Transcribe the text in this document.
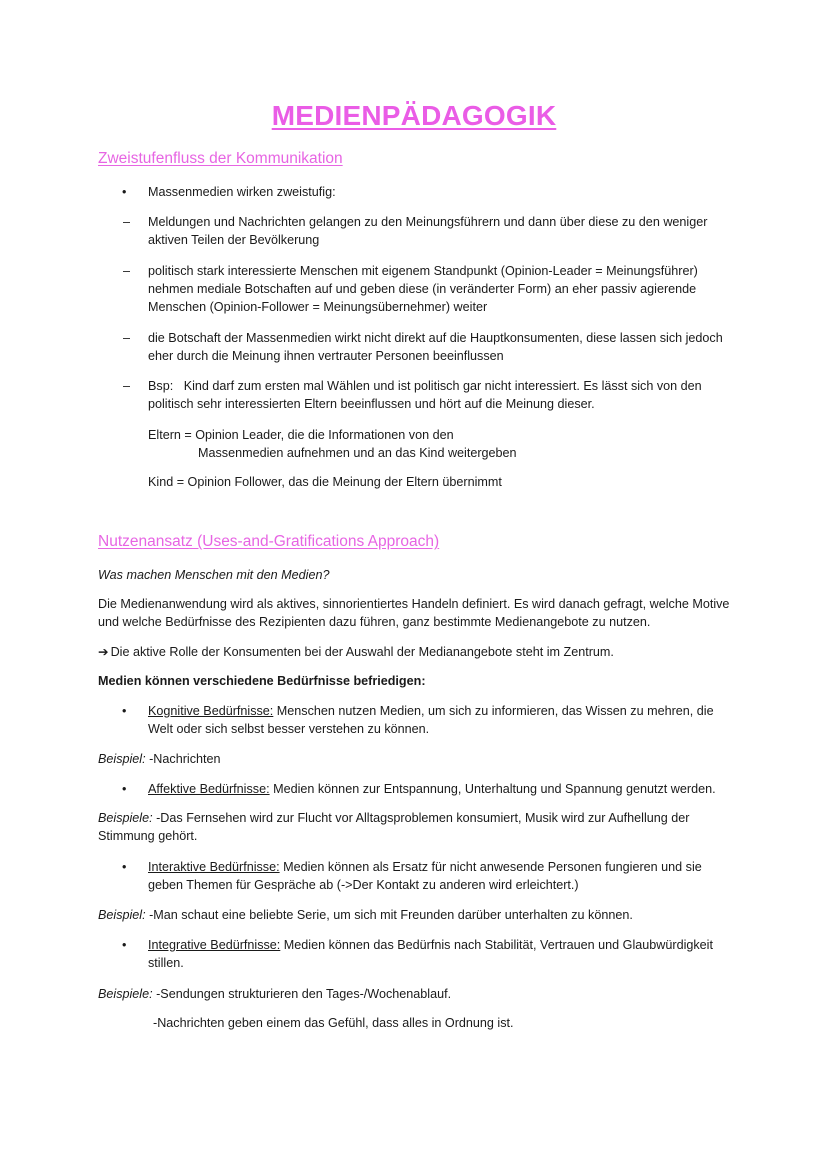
MEDIENPÄDAGOGIK
Zweistufenfluss der Kommunikation
• Massenmedien wirken zweistufig:
– Meldungen und Nachrichten gelangen zu den Meinungsführern und dann über diese zu den weniger aktiven Teilen der Bevölkerung
– politisch stark interessierte Menschen mit eigenem Standpunkt (Opinion-Leader = Meinungsführer) nehmen mediale Botschaften auf und geben diese (in veränderter Form) an eher passiv agierende Menschen (Opinion-Follower = Meinungsübernehmer) weiter
– die Botschaft der Massenmedien wirkt nicht direkt auf die Hauptkonsumenten, diese lassen sich jedoch eher durch die Meinung ihnen vertrauter Personen beeinflussen
– Bsp:   Kind darf zum ersten mal Wählen und ist politisch gar nicht interessiert. Es lässt sich von den politisch sehr interessierten Eltern beeinflussen und hört auf die Meinung dieser.
Eltern = Opinion Leader, die die Informationen von den
Massenmedien aufnehmen und an das Kind weitergeben
Kind = Opinion Follower, das die Meinung der Eltern übernimmt
Nutzenansatz (Uses-and-Gratifications Approach)
Was machen Menschen mit den Medien?
Die Medienanwendung wird als aktives, sinnorientiertes Handeln definiert. Es wird danach gefragt, welche Motive und welche Bedürfnisse des Rezipienten dazu führen, ganz bestimmte Medienangebote zu nutzen.
➔ Die aktive Rolle der Konsumenten bei der Auswahl der Medianangebote steht im Zentrum.
Medien können verschiedene Bedürfnisse befriedigen:
• Kognitive Bedürfnisse: Menschen nutzen Medien, um sich zu informieren, das Wissen zu mehren, die Welt oder sich selbst besser verstehen zu können.
Beispiel: -Nachrichten
• Affektive Bedürfnisse: Medien können zur Entspannung, Unterhaltung und Spannung genutzt werden.
Beispiele: -Das Fernsehen wird zur Flucht vor Alltagsproblemen konsumiert, Musik wird zur Aufhellung der Stimmung gehört.
• Interaktive Bedürfnisse: Medien können als Ersatz für nicht anwesende Personen fungieren und sie geben Themen für Gespräche ab (->Der Kontakt zu anderen wird erleichtert.)
Beispiel: -Man schaut eine beliebte Serie, um sich mit Freunden darüber unterhalten zu können.
• Integrative Bedürfnisse: Medien können das Bedürfnis nach Stabilität, Vertrauen und Glaubwürdigkeit stillen.
Beispiele: -Sendungen strukturieren den Tages-/Wochenablauf.
-Nachrichten geben einem das Gefühl, dass alles in Ordnung ist.
